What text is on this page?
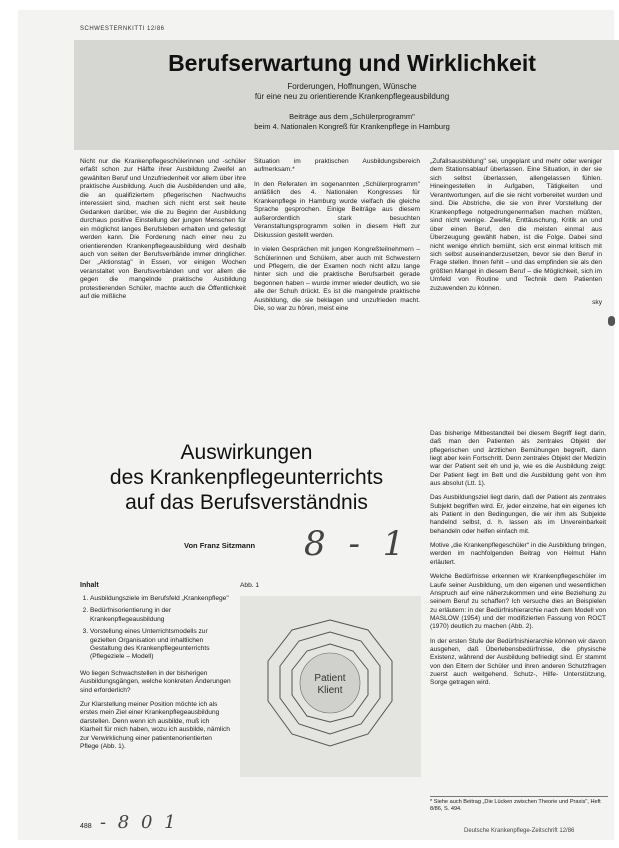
SCHWESTERNKITTI 12/86
Berufserwartung und Wirklichkeit
Forderungen, Hoffnungen, Wünsche
für eine neu zu orientierende Krankenpflegeausbildung
Beiträge aus dem „Schülerprogramm"
beim 4. Nationalen Kongreß für Krankenpflege in Hamburg

Nicht nur die Krankenpflegeschülerinnen und -schüler erfaßt schon zur Hälfte ihrer Ausbildung Zweifel an gewählten Beruf und Unzufriedenheit vor allem über ihre praktische Ausbildung. Auch die Ausbildenden und alle, die an qualifiziertem pflegerischen Nachwuchs interessiert sind, machen sich nicht erst seit heute Gedanken darüber, wie die zu Beginn der Ausbildung durchaus positive Einstellung der jungen Menschen für ein möglichst langes Berufsleben erhalten und gefestigt werden kann. Die Forderung nach einer neu zu orientierenden Krankenpflegeausbildung wird deshalb auch von seiten der Berufsverbände immer dringlicher. Der „Aktionstag" in Essen, vor einigen Wochen veranstaltet von Berufsverbänden und vor allem die gegen die mangelnde praktische Ausbildung protestierenden Schüler, machte auch die Öffentlichkeit auf die mißliche

Situation im praktischen Ausbildungsbereich aufmerksam.*

In den Referaten im sogenannten „Schülerprogramm" anläßlich des 4. Nationalen Kongresses für Krankenpflege in Hamburg wurde vielfach die gleiche Sprache gesprochen. Einige Beiträge aus diesem außerordentlich stark besuchten Veranstaltungsprogramm sollen in diesem Heft zur Diskussion gestellt werden.

In vielen Gesprächen mit jungen Kongreßteilnehmern – Schülerinnen und Schülern, aber auch mit Schwestern und Pflegern, die der Examen noch nicht allzu lange hinter sich und die praktische Berufsarbeit gerade begonnen haben – wurde immer wieder deutlich, wo sie alle der Schuh drückt. Es ist die mangelnde praktische Ausbildung, die sie beklagen und unzufrieden macht. Die, so war zu hören, meist eine

„Zufallsausbildung" sei, ungeplant und mehr oder weniger dem Stationsablauf überlassen. Eine Situation, in der sie sich selbst überlassen, allengelassen fühlen. Hineingestellen in Aufgaben, Tätigkeiten und Verantwortungen, auf die sie nicht vorbereitet wurden und sind. Die Abstriche, die sie von ihrer Vorstellung der Krankenpflege notgedrungenermaßen machen müßten, sind nicht wenige. Zweifel, Enttäuschung, Kritik an und über einen Beruf, den die meisten einmal aus Überzeugung gewählt haben, ist die Folge. Dabei sind nicht wenige ehrlich bemüht, sich erst einmal kritisch mit sich selbst auseinanderzusetzen, bevor sie den Beruf in Frage stellen. Ihnen fehlt – und das empfinden sie als den größten Mangel in diesem Beruf – die Möglichkeit, sich im Umfeld von Routine und Technik dem Patienten zuzuwenden zu können.

sky
Auswirkungen
des Krankenpflegeunterrichts
auf das Berufsverständnis
Von Franz Sitzmann 8 - 1
Inhalt
1. Ausbildungsziele im Berufsfeld „Krankenpflege"
2. Bedürfnisorientierung in der Krankenpflegeausbildung
3. Vorstellung eines Unterrichtsmodells zur gezielten Organisation und inhaltlichen Gestaltung des Krankenpflegeunterrichts (Pflegeziele – Modell)

Wo liegen Schwachstellen in der bisherigen Ausbildungsgängen, welche konkreten Änderungen sind erforderlich?

Zur Klarstellung meiner Position möchte ich als erstes mein Ziel einer Krankenpflegeausbildung darstellen. Denn wenn ich ausbilde, muß ich Klarheit für mich haben, wozu ich ausbilde, nämlich zur Verwirklichung einer patientenorientierten Pflege (Abb. 1).

Abb. 1
Patient
Klient

Das bisherige Mitbestandteil bei diesem Begriff liegt darin, daß man den Patienten als zentrales Objekt der pflegerischen und ärztlichen Bemühungen begreift, dann liegt aber kein Fortschritt. Denn zentrales Objekt der Medizin war der Patient seit eh und je, wie es die Ausbildung zeigt: Der Patient liegt im Bett und die Ausbildung geht von ihm aus absolut (Ltt. 1).

Das Ausbildungsziel liegt darin, daß der Patient als zentrales Subjekt begriffen wird. Er, jeder einzelne, hat ein eigenes Ich als Patient in den Bedingungen, die wir ihm als Subjekte handelnd selbst, d. h. lassen als im Unvereinbarkeit behandeln oder helfen einfach mit.

Motive „die Krankenpflegeschüler“ in die Ausbildung bringen, werden im nachfolgenden Beitrag von Helmut Hahn erläutert.

Welche Bedürfnisse erkennen wir Krankenpflegeschüler im Laufe seiner Ausbildung, um den eigenen und wesentlichen Anspruch auf eine näherzukommen und eine Beziehung zu seinem Beruf zu schaffen? Ich versuche dies an Beispielen zu erläutern: in der Bedürfnishierarchie nach dem Modell von MASLOW (1954) und der modifizierten Fassung von ROCT (1970) deutlich zu machen (Abb. 2).

In der ersten Stufe der Bedürfnishierarchie können wir davon ausgehen, daß Überlebensbedürfnisse, die physische Existenz, während der Ausbildung befriedigt sind. Er stammt von den Eltern der Schüler und ihren anderen Schutzfragen zuerst auch weitgehend. Schutz-, Hilfe- Unterstützung, Sorge getragen wird.

* Siehe auch Beitrag „Die Lücken zwischen Theorie und Praxis", Heft 8/86, S. 494.
488 - 8 0 1	Deutsche Krankenpflege-Zeitschrift 12/86
